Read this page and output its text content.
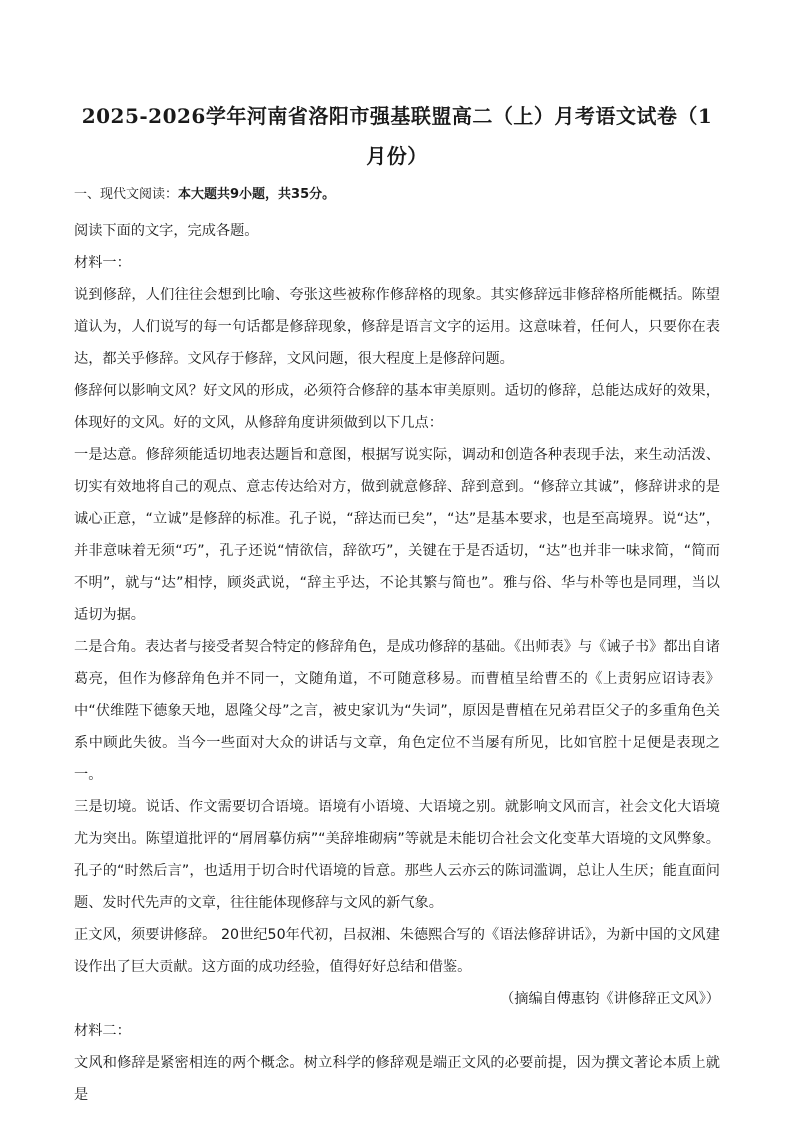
2025-2026学年河南省洛阳市强基联盟高二（上）月考语文试卷（1月份）

一、现代文阅读：本大题共9小题，共35分。

阅读下面的文字，完成各题。

材料一：

说到修辞，人们往往会想到比喻、夸张这些被称作修辞格的现象。其实修辞远非修辞格所能概括。陈望道认为，人们说写的每一句话都是修辞现象，修辞是语言文字的运用。这意味着，任何人，只要你在表达，都关乎修辞。文风存于修辞，文风问题，很大程度上是修辞问题。

修辞何以影响文风？好文风的形成，必须符合修辞的基本审美原则。适切的修辞，总能达成好的效果，体现好的文风。好的文风，从修辞角度讲须做到以下几点：

一是达意。修辞须能适切地表达题旨和意图，根据写说实际，调动和创造各种表现手法，来生动活泼、切实有效地将自己的观点、意志传达给对方，做到就意修辞、辞到意到。“修辞立其诚”，修辞讲求的是诚心正意，“立诚”是修辞的标准。孔子说，“辞达而已矣”，“达”是基本要求，也是至高境界。说“达”，并非意味着无须“巧”，孔子还说“情欲信，辞欲巧”，关键在于是否适切，“达”也并非一味求简，“简而不明”，就与“达”相悖，顾炎武说，“辞主乎达，不论其繁与简也”。雅与俗、华与朴等也是同理，当以适切为据。

二是合角。表达者与接受者契合特定的修辞角色，是成功修辞的基础。《出师表》与《诫子书》都出自诸葛亮，但作为修辞角色并不同一，文随角道，不可随意移易。而曹植呈给曹丕的《上责躬应诏诗表》中“伏维陛下德象天地，恩隆父母”之言，被史家讥为“失词”，原因是曹植在兄弟君臣父子的多重角色关系中顾此失彼。当今一些面对大众的讲话与文章，角色定位不当屡有所见，比如官腔十足便是表现之一。

三是切境。说话、作文需要切合语境。语境有小语境、大语境之别。就影响文风而言，社会文化大语境尤为突出。陈望道批评的“屑屑摹仿病”“美辞堆砌病”等就是未能切合社会文化变革大语境的文风弊象。孔子的“时然后言”，也适用于切合时代语境的旨意。那些人云亦云的陈词滥调，总让人生厌；能直面问题、发时代先声的文章，往往能体现修辞与文风的新气象。

正文风，须要讲修辞。 20世纪50年代初，吕叔湘、朱德熙合写的《语法修辞讲话》，为新中国的文风建设作出了巨大贡献。这方面的成功经验，值得好好总结和借鉴。

（摘编自傅惠钧《讲修辞正文风》）

材料二：

文风和修辞是紧密相连的两个概念。树立科学的修辞观是端正文风的必要前提，因为撰文著论本质上就是
